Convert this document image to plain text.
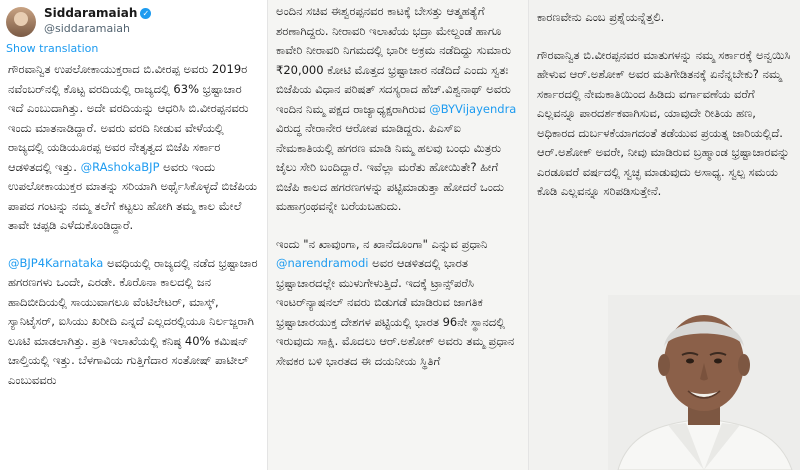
Siddaramaiah ✓
@siddaramaiah
Show translation

ಗೌರವಾನ್ವಿತ ಉಪಲೋಕಾಯುಕ್ತರಾದ ಬಿ.ವೀರಪ್ಪ ಅವರು 2019ರ ನವೆಂಬರ್‌ನಲ್ಲಿ ಕೊಟ್ಟ ವರದಿಯಲ್ಲಿ ರಾಜ್ಯದಲ್ಲಿ 63% ಭ್ರಷ್ಟಾಚಾರ ಇದೆ ಎಂಬುದಾಗಿತ್ತು. ಅದೇ ವರದಿಯನ್ನು ಆಧರಿಸಿ ಬಿ.ವೀರಪ್ಪನವರು ಇಂದು ಮಾತನಾಡಿದ್ದಾರೆ. ಅವರು ವರದಿ ನೀಡುವ ವೇಳೆಯಲ್ಲಿ ರಾಜ್ಯದಲ್ಲಿ ಯಡಿಯೂರಪ್ಪ ಅವರ ನೇತೃತ್ವದ ಬಿಜೆಪಿ ಸರ್ಕಾರ ಆಡಳಿತದಲ್ಲಿ ಇತ್ತು. @RAshokaBJP ಅವರು ಇಂದು ಉಪಲೋಕಾಯುಕ್ತರ ಮಾತನ್ನು ಸರಿಯಾಗಿ ಅರ್ಥೈಸಿಕೊಳ್ಳದೆ ಬಿಜೆಪಿಯ ಪಾಪದ ಗಂಟನ್ನು ನಮ್ಮ ತಲೆಗೆ ಕಟ್ಟಲು ಹೋಗಿ ತಮ್ಮ ಕಾಲ ಮೇಲೆ ತಾವೇ ಚಪ್ಪಡಿ ಎಳೆದುಕೊಂಡಿದ್ದಾರೆ.

@BJP4Karnataka ಅವಧಿಯಲ್ಲಿ ರಾಜ್ಯದಲ್ಲಿ ನಡೆದ ಭ್ರಷ್ಟಾಚಾರ ಹಗರಣಗಳು ಒಂದೇ, ಎರಡೇ. ಕೊರೊನಾ ಕಾಲದಲ್ಲಿ ಜನ ಹಾದಿಬೀದಿಯಲ್ಲಿ ಸಾಯುವಾಗಲೂ ವೆಂಟಿಲೇಟರ್, ಮಾಸ್ಕ್, ಸ್ಯಾನಿಟೈಸರ್, ಐಸಿಯು ಖರೀದಿ ಎನ್ನದೆ ಎಲ್ಲದರಲ್ಲಿಯೂ ನಿರ್ಲಜ್ಜರಾಗಿ ಲೂಟಿ ಮಾಡಲಾಗಿತ್ತು. ಪ್ರತಿ ಇಲಾಖೆಯಲ್ಲಿ ಕನಿಷ್ಠ 40% ಕಮಿಷನ್ ಚಾಲ್ತಿಯಲ್ಲಿ ಇತ್ತು. ಬೆಳಗಾವಿಯ ಗುತ್ತಿಗೆದಾರ ಸಂತೋಷ್ ಪಾಟೀಲ್ ಎಂಬುವವರು

ಅಂದಿನ ಸಚಿವ ಈಶ್ವರಪ್ಪನವರ ಕಾಟಕ್ಕೆ ಬೇಸತ್ತು ಆತ್ಮಹತ್ಯೆಗೆ ಶರಣಾಗಿದ್ದರು. ನೀರಾವರಿ ಇಲಾಖೆಯ ಭದ್ರಾ ಮೇಲ್ದಂಡೆ ಹಾಗೂ ಕಾವೇರಿ ನೀರಾವರಿ ನಿಗಮದಲ್ಲಿ ಭಾರೀ ಅಕ್ರಮ ನಡೆದಿದ್ದು ಸುಮಾರು ₹20,000 ಕೋಟಿ ಮೊತ್ತದ ಭ್ರಷ್ಟಾಚಾರ ನಡೆದಿದೆ ಎಂದು ಸ್ವತಃ ಬಿಜೆಪಿಯ ವಿಧಾನ ಪರಿಷತ್ ಸದಸ್ಯರಾದ ಹೆಚ್.ವಿಶ್ವನಾಥ್ ಅವರು ಇಂದಿನ ನಿಮ್ಮ ಪಕ್ಷದ ರಾಜ್ಯಾಧ್ಯಕ್ಷರಾಗಿರುವ @BYVijayendra ವಿರುದ್ಧ ನೇರಾನೇರ ಆರೋಪ ಮಾಡಿದ್ದರು. ಪಿಎಸ್ಐ ನೇಮಕಾತಿಯಲ್ಲಿ ಹಗರಣ ಮಾಡಿ ನಿಮ್ಮ ಹಲವು ಬಂಧು ಮಿತ್ರರು ಜೈಲು ಸೇರಿ ಬಂದಿದ್ದಾರೆ. ಇವೆಲ್ಲಾ ಮರೆತು ಹೋಯಿತೇ? ಹೀಗೆ ಬಿಜೆಪಿ ಕಾಲದ ಹಗರಣಗಳನ್ನು ಪಟ್ಟಿಮಾಡುತ್ತಾ ಹೋದರೆ ಒಂದು ಮಹಾಗ್ರಂಥವನ್ನೇ ಬರೆಯಬಹುದು.

ಇಂದು "ನ ಖಾವುಂಗಾ, ನ ಖಾನೆದೂಂಗಾ" ಎನ್ನುವ ಪ್ರಧಾನಿ @narendramodi ಅವರ ಆಡಳಿತದಲ್ಲಿ ಭಾರತ ಭ್ರಷ್ಟಾಚಾರದಲ್ಲೇ ಮುಳುಗೇಳುತ್ತಿದೆ. ಇದಕ್ಕೆ ಟ್ರಾನ್ಸ್‌ಪರೆಸಿ ಇಂಟರ್‌ನ್ಯಾಷನಲ್ ನವರು ಬಿಡುಗಡೆ ಮಾಡಿರುವ ಜಾಗತಿಕ ಭ್ರಷ್ಟಾಚಾರಯುಕ್ತ ದೇಶಗಳ ಪಟ್ಟಿಯಲ್ಲಿ ಭಾರತ 96ನೇ ಸ್ಥಾನದಲ್ಲಿ ಇರುವುದು ಸಾಕ್ಷಿ. ಮೊದಲು ಆರ್.ಅಶೋಕ್ ಅವರು ತಮ್ಮ ಪ್ರಧಾನ ಸೇವಕರ ಬಳಿ ಭಾರತದ ಈ ದಯನೀಯ ಸ್ಥಿತಿಗೆ

ಕಾರಣವೇನು ಎಂಬ ಪ್ರಶ್ನೆಯನ್ನೆತ್ತಲಿ.

ಗೌರವಾನ್ವಿತ ಬಿ.ವೀರಪ್ಪನವರ ಮಾತುಗಳನ್ನು ನಮ್ಮ ಸರ್ಕಾರಕ್ಕೆ ಅನ್ವಯಿಸಿ ಹೇಳುವ ಆರ್.ಅಶೋಕ್ ಅವರ ಮತಿಗೇಡಿತನಕ್ಕೆ ಏನೆನ್ನಬೇಕು? ನಮ್ಮ ಸರ್ಕಾರದಲ್ಲಿ ನೇಮಕಾತಿಯಿಂದ ಹಿಡಿದು ವರ್ಗಾವಣೆಯ ವರೆಗೆ ಎಲ್ಲವನ್ನೂ ಪಾರದರ್ಶಕವಾಗಿಸುವ, ಯಾವುದೇ ರೀತಿಯ ಹಣ, ಅಧಿಕಾರದ ದುರ್ಬಳಕೆಯಾಗದಂತೆ ತಡೆಯುವ ಪ್ರಯತ್ನ ಜಾರಿಯಲ್ಲಿದೆ. ಆರ್.ಅಶೋಕ್ ಅವರೇ, ನೀವು ಮಾಡಿರುವ ಬ್ರಹ್ಮಾಂಡ ಭ್ರಷ್ಟಾಚಾರವನ್ನು ಎರಡೂವರೆ ವರ್ಷದಲ್ಲಿ ಸ್ವಚ್ಛ ಮಾಡುವುದು ಅಸಾಧ್ಯ. ಸ್ವಲ್ಪ ಸಮಯ ಕೊಡಿ ಎಲ್ಲವನ್ನೂ ಸರಿಪಡಿಸುತ್ತೇನೆ.
